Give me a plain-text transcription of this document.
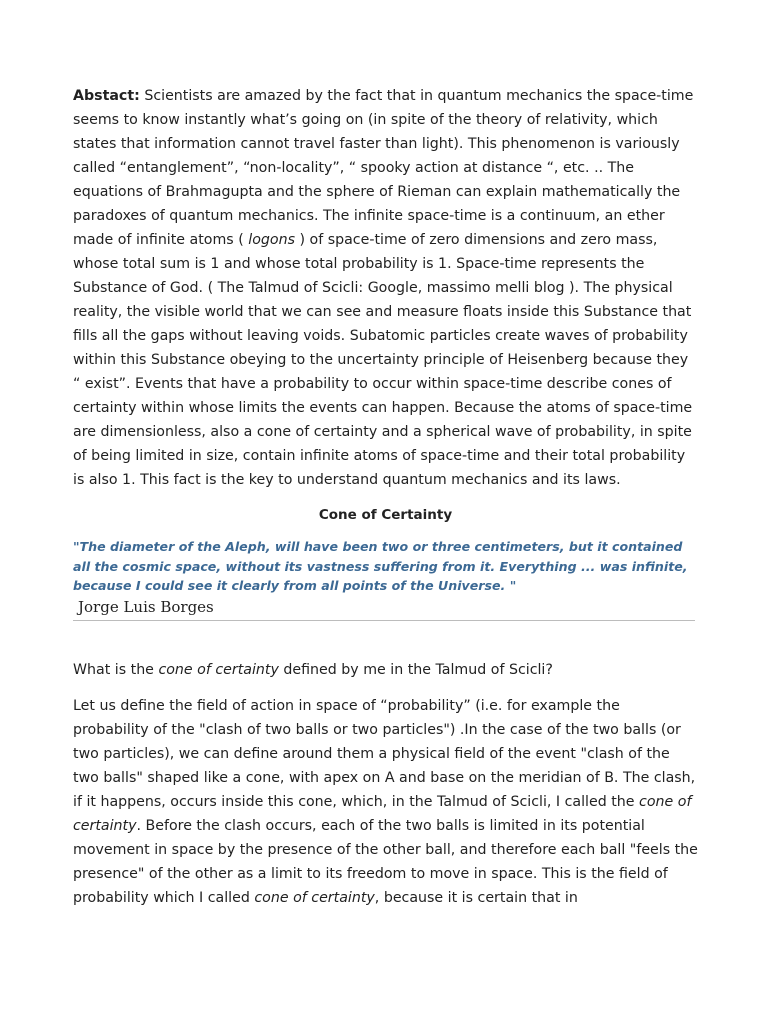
Abstact: Scientists are amazed by the fact that in quantum mechanics the space-time seems to know instantly what’s going on (in spite of the theory of relativity, which states that information cannot travel faster than light). This phenomenon is variously called “entanglement”, “non-locality”, “ spooky action at distance “, etc. .. The equations of Brahmagupta and the sphere of Rieman can explain mathematically the paradoxes of quantum mechanics. The infinite space-time is a continuum, an ether made of infinite atoms ( logons ) of space-time of zero dimensions and zero mass, whose total sum is 1 and whose total probability is 1. Space-time represents the Substance of God. ( The Talmud of Scicli: Google, massimo melli blog ). The physical reality, the visible world that we can see and measure floats inside this Substance that fills all the gaps without leaving voids. Subatomic particles create waves of probability within this Substance obeying to the uncertainty principle of Heisenberg because they “ exist”. Events that have a probability to occur within space-time describe cones of certainty within whose limits the events can happen. Because the atoms of space-time are dimensionless, also a cone of certainty and a spherical wave of probability, in spite of being limited in size, contain infinite atoms of space-time and their total probability is also 1. This fact is the key to understand quantum mechanics and its laws.

Cone of Certainty

"The diameter of the Aleph, will have been two or three centimeters, but it contained all the cosmic space, without its vastness suffering from it. Everything ... was infinite, because I could see it clearly from all points of the Universe. "

Jorge Luis Borges

What is the cone of certainty defined by me in the Talmud of Scicli?

Let us define the field of action in space of “probability” (i.e. for example the probability of the "clash of two balls or two particles") .In the case of the two balls (or two particles), we can define around them a physical field of the event "clash of the two balls" shaped like a cone, with apex on A and base on the meridian of B. The clash, if it happens, occurs inside this cone, which, in the Talmud of Scicli, I called the cone of certainty. Before the clash occurs, each of the two balls is limited in its potential movement in space by the presence of the other ball, and therefore each ball "feels the presence" of the other as a limit to its freedom to move in space. This is the field of probability which I called cone of certainty, because it is certain that in
